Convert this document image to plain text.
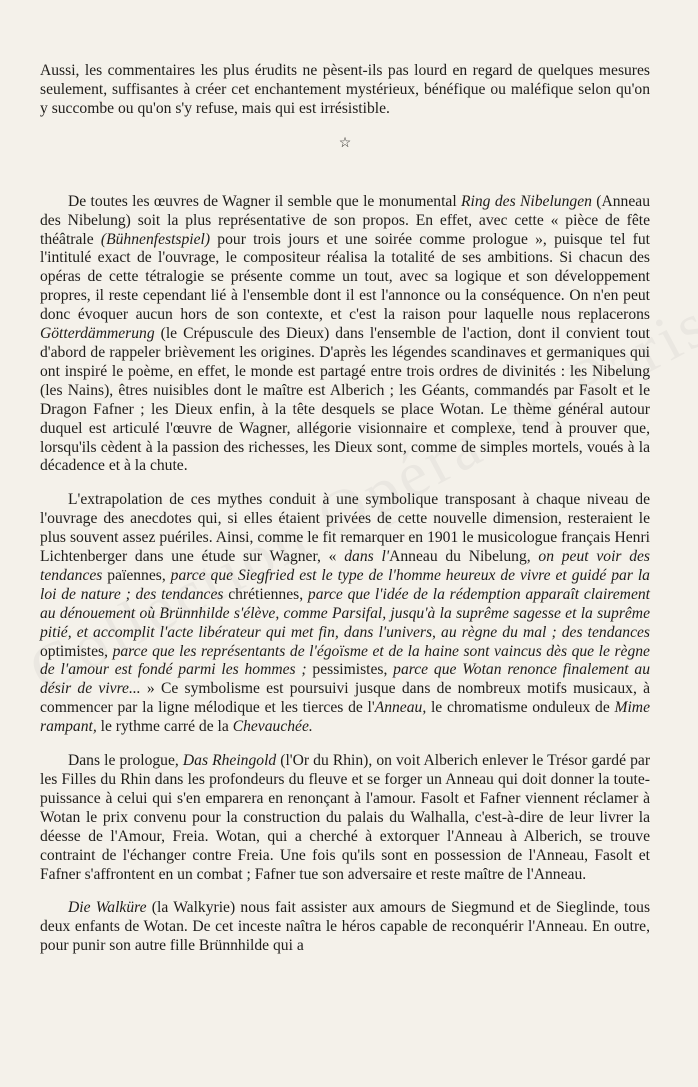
Aussi, les commentaires les plus érudits ne pèsent-ils pas lourd en regard de quelques mesures seulement, suffisantes à créer cet enchantement mystérieux, bénéfique ou maléfique selon qu'on y succombe ou qu'on s'y refuse, mais qui est irrésistible.

☆

De toutes les œuvres de Wagner il semble que le monumental Ring des Nibelungen (Anneau des Nibelung) soit la plus représentative de son propos. En effet, avec cette « pièce de fête théâtrale (Bühnenfestspiel) pour trois jours et une soirée comme prologue », puisque tel fut l'intitulé exact de l'ouvrage, le compositeur réalisa la totalité de ses ambitions. Si chacun des opéras de cette tétralogie se présente comme un tout, avec sa logique et son développement propres, il reste cependant lié à l'ensemble dont il est l'annonce ou la conséquence. On n'en peut donc évoquer aucun hors de son contexte, et c'est la raison pour laquelle nous replacerons Götterdämmerung (le Crépuscule des Dieux) dans l'ensemble de l'action, dont il convient tout d'abord de rappeler brièvement les origines. D'après les légendes scandinaves et germaniques qui ont inspiré le poème, en effet, le monde est partagé entre trois ordres de divinités : les Nibelung (les Nains), êtres nuisibles dont le maître est Alberich ; les Géants, commandés par Fasolt et le Dragon Fafner ; les Dieux enfin, à la tête desquels se place Wotan. Le thème général autour duquel est articulé l'œuvre de Wagner, allégorie visionnaire et complexe, tend à prouver que, lorsqu'ils cèdent à la passion des richesses, les Dieux sont, comme de simples mortels, voués à la décadence et à la chute.

L'extrapolation de ces mythes conduit à une symbolique transposant à chaque niveau de l'ouvrage des anecdotes qui, si elles étaient privées de cette nouvelle dimension, resteraient le plus souvent assez puériles. Ainsi, comme le fit remarquer en 1901 le musicologue français Henri Lichtenberger dans une étude sur Wagner, « dans l'Anneau du Nibelung, on peut voir des tendances païennes, parce que Siegfried est le type de l'homme heureux de vivre et guidé par la loi de nature ; des tendances chrétiennes, parce que l'idée de la rédemption apparaît clairement au dénouement où Brünnhilde s'élève, comme Parsifal, jusqu'à la suprême sagesse et la suprême pitié, et accomplit l'acte libérateur qui met fin, dans l'univers, au règne du mal ; des tendances optimistes, parce que les représentants de l'égoïsme et de la haine sont vaincus dès que le règne de l'amour est fondé parmi les hommes ; pessimistes, parce que Wotan renonce finalement au désir de vivre... » Ce symbolisme est poursuivi jusque dans de nombreux motifs musicaux, à commencer par la ligne mélodique et les tierces de l'Anneau, le chromatisme onduleux de Mime rampant, le rythme carré de la Chevauchée.

Dans le prologue, Das Rheingold (l'Or du Rhin), on voit Alberich enlever le Trésor gardé par les Filles du Rhin dans les profondeurs du fleuve et se forger un Anneau qui doit donner la toute-puissance à celui qui s'en emparera en renonçant à l'amour. Fasolt et Fafner viennent réclamer à Wotan le prix convenu pour la construction du palais du Walhalla, c'est-à-dire de leur livrer la déesse de l'Amour, Freia. Wotan, qui a cherché à extorquer l'Anneau à Alberich, se trouve contraint de l'échanger contre Freia. Une fois qu'ils sont en possession de l'Anneau, Fasolt et Fafner s'affrontent en un combat ; Fafner tue son adversaire et reste maître de l'Anneau.

Die Walküre (la Walkyrie) nous fait assister aux amours de Siegmund et de Sieglinde, tous deux enfants de Wotan. De cet inceste naîtra le héros capable de reconquérir l'Anneau. En outre, pour punir son autre fille Brünnhilde qui a
